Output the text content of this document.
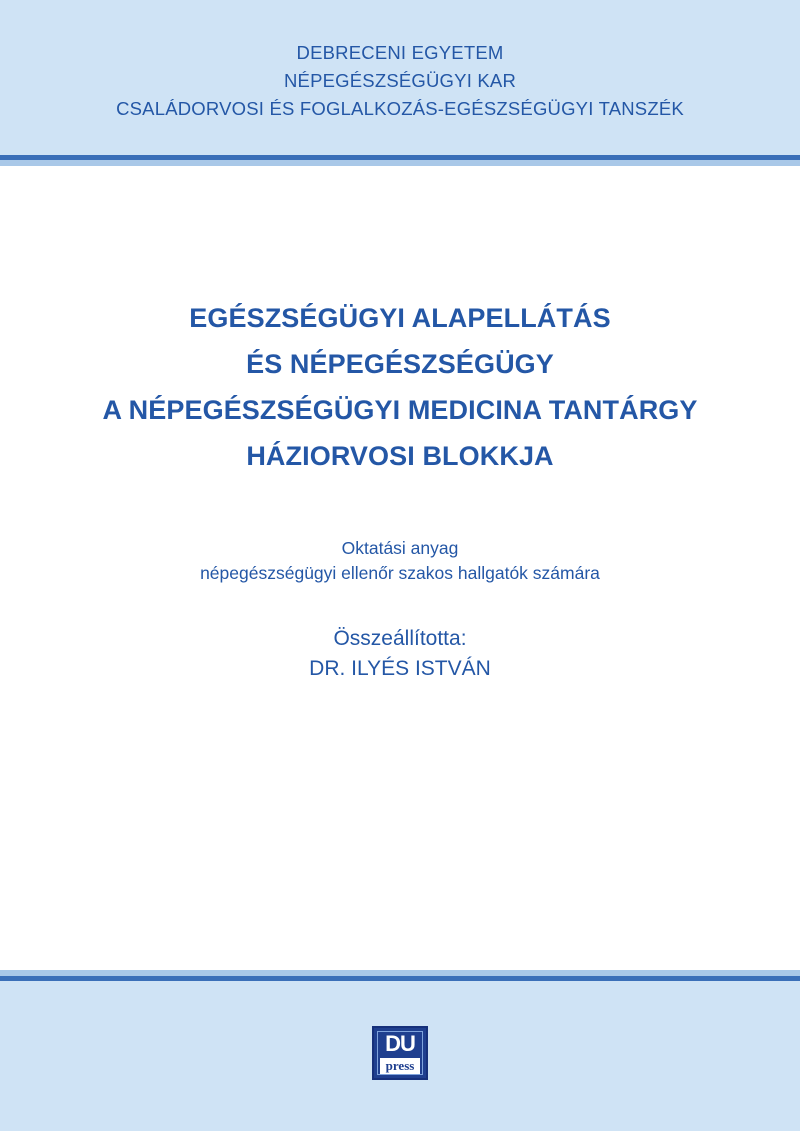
DEBRECENI EGYETEM
NÉPEGÉSZSÉGÜGYI KAR
CSALÁDORVOSI ÉS FOGLALKOZÁS-EGÉSZSÉGÜGYI TANSZÉK
EGÉSZSÉGÜGYI ALAPELLÁTÁS
ÉS NÉPEGÉSZSÉGÜGY
A NÉPEGÉSZSÉGÜGYI MEDICINA TANTÁRGY
HÁZIORVOSI BLOKKJA
Oktatási anyag
népegészségügyi ellenőr szakos hallgatók számára
Összeállította:
DR. ILYÉS ISTVÁN
DU
press
